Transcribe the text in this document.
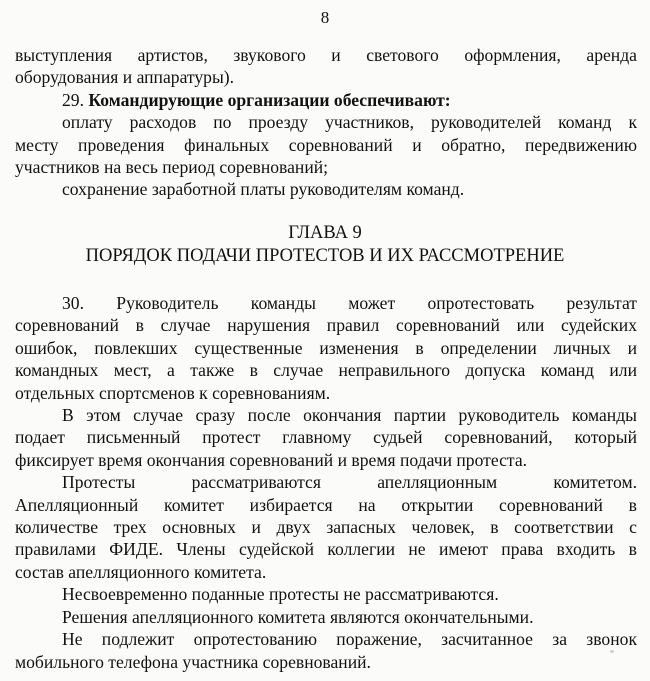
8

выступления артистов, звукового и светового оформления, аренда

оборудования и аппаратуры).

29. Командирующие организации обеспечивают:

оплату расходов по проезду участников, руководителей команд к

месту проведения финальных соревнований и обратно, передвижению

участников на весь период соревнований;

сохранение заработной платы руководителям команд.

ГЛАВА 9
ПОРЯДОК ПОДАЧИ ПРОТЕСТОВ И ИХ РАССМОТРЕНИЕ

30. Руководитель команды может опротестовать результат

соревнований в случае нарушения правил соревнований или судейских

ошибок, повлекших существенные изменения в определении личных и

командных мест, а также в случае неправильного допуска команд или

отдельных спортсменов к соревнованиям.

В этом случае сразу после окончания партии руководитель команды

подает письменный протест главному судьей соревнований, который

фиксирует время окончания соревнований и время подачи протеста.

Протесты рассматриваются апелляционным комитетом.

Апелляционный комитет избирается на открытии соревнований в

количестве трех основных и двух запасных человек, в соответствии с

правилами ФИДЕ. Члены судейской коллегии не имеют права входить в

состав апелляционного комитета.

Несвоевременно поданные протесты не рассматриваются.

Решения апелляционного комитета являются окончательными.

Не подлежит опротестованию поражение, засчитанное за звонок

мобильного телефона участника соревнований.
